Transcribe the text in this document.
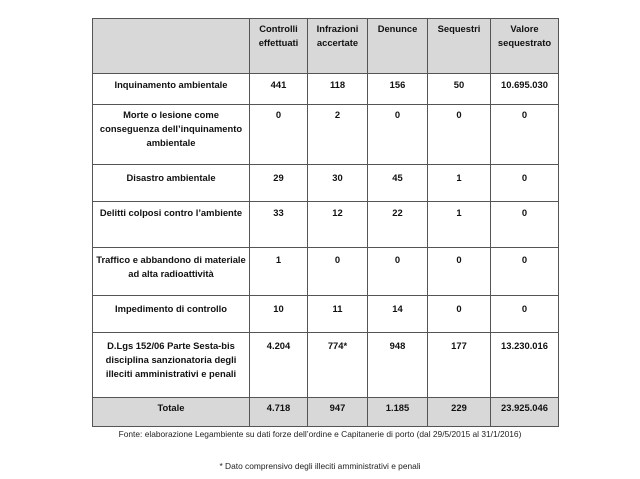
	Controlli effettuati	Infrazioni accertate	Denunce	Sequestri	Valore sequestrato
Inquinamento ambientale	441	118	156	50	10.695.030
Morte o lesione come conseguenza dell’inquinamento ambientale	0	2	0	0	0
Disastro ambientale	29	30	45	1	0
Delitti colposi contro l’ambiente	33	12	22	1	0
Traffico e abbandono di materiale ad alta radioattività	1	0	0	0	0
Impedimento di controllo	10	11	14	0	0
D.Lgs 152/06 Parte Sesta-bis disciplina sanzionatoria degli illeciti amministrativi e penali	4.204	774*	948	177	13.230.016
Totale	4.718	947	1.185	229	23.925.046
Fonte: elaborazione Legambiente su dati forze dell’ordine e Capitanerie di porto (dal 29/5/2015 al 31/1/2016)
* Dato comprensivo degli illeciti amministrativi e penali
